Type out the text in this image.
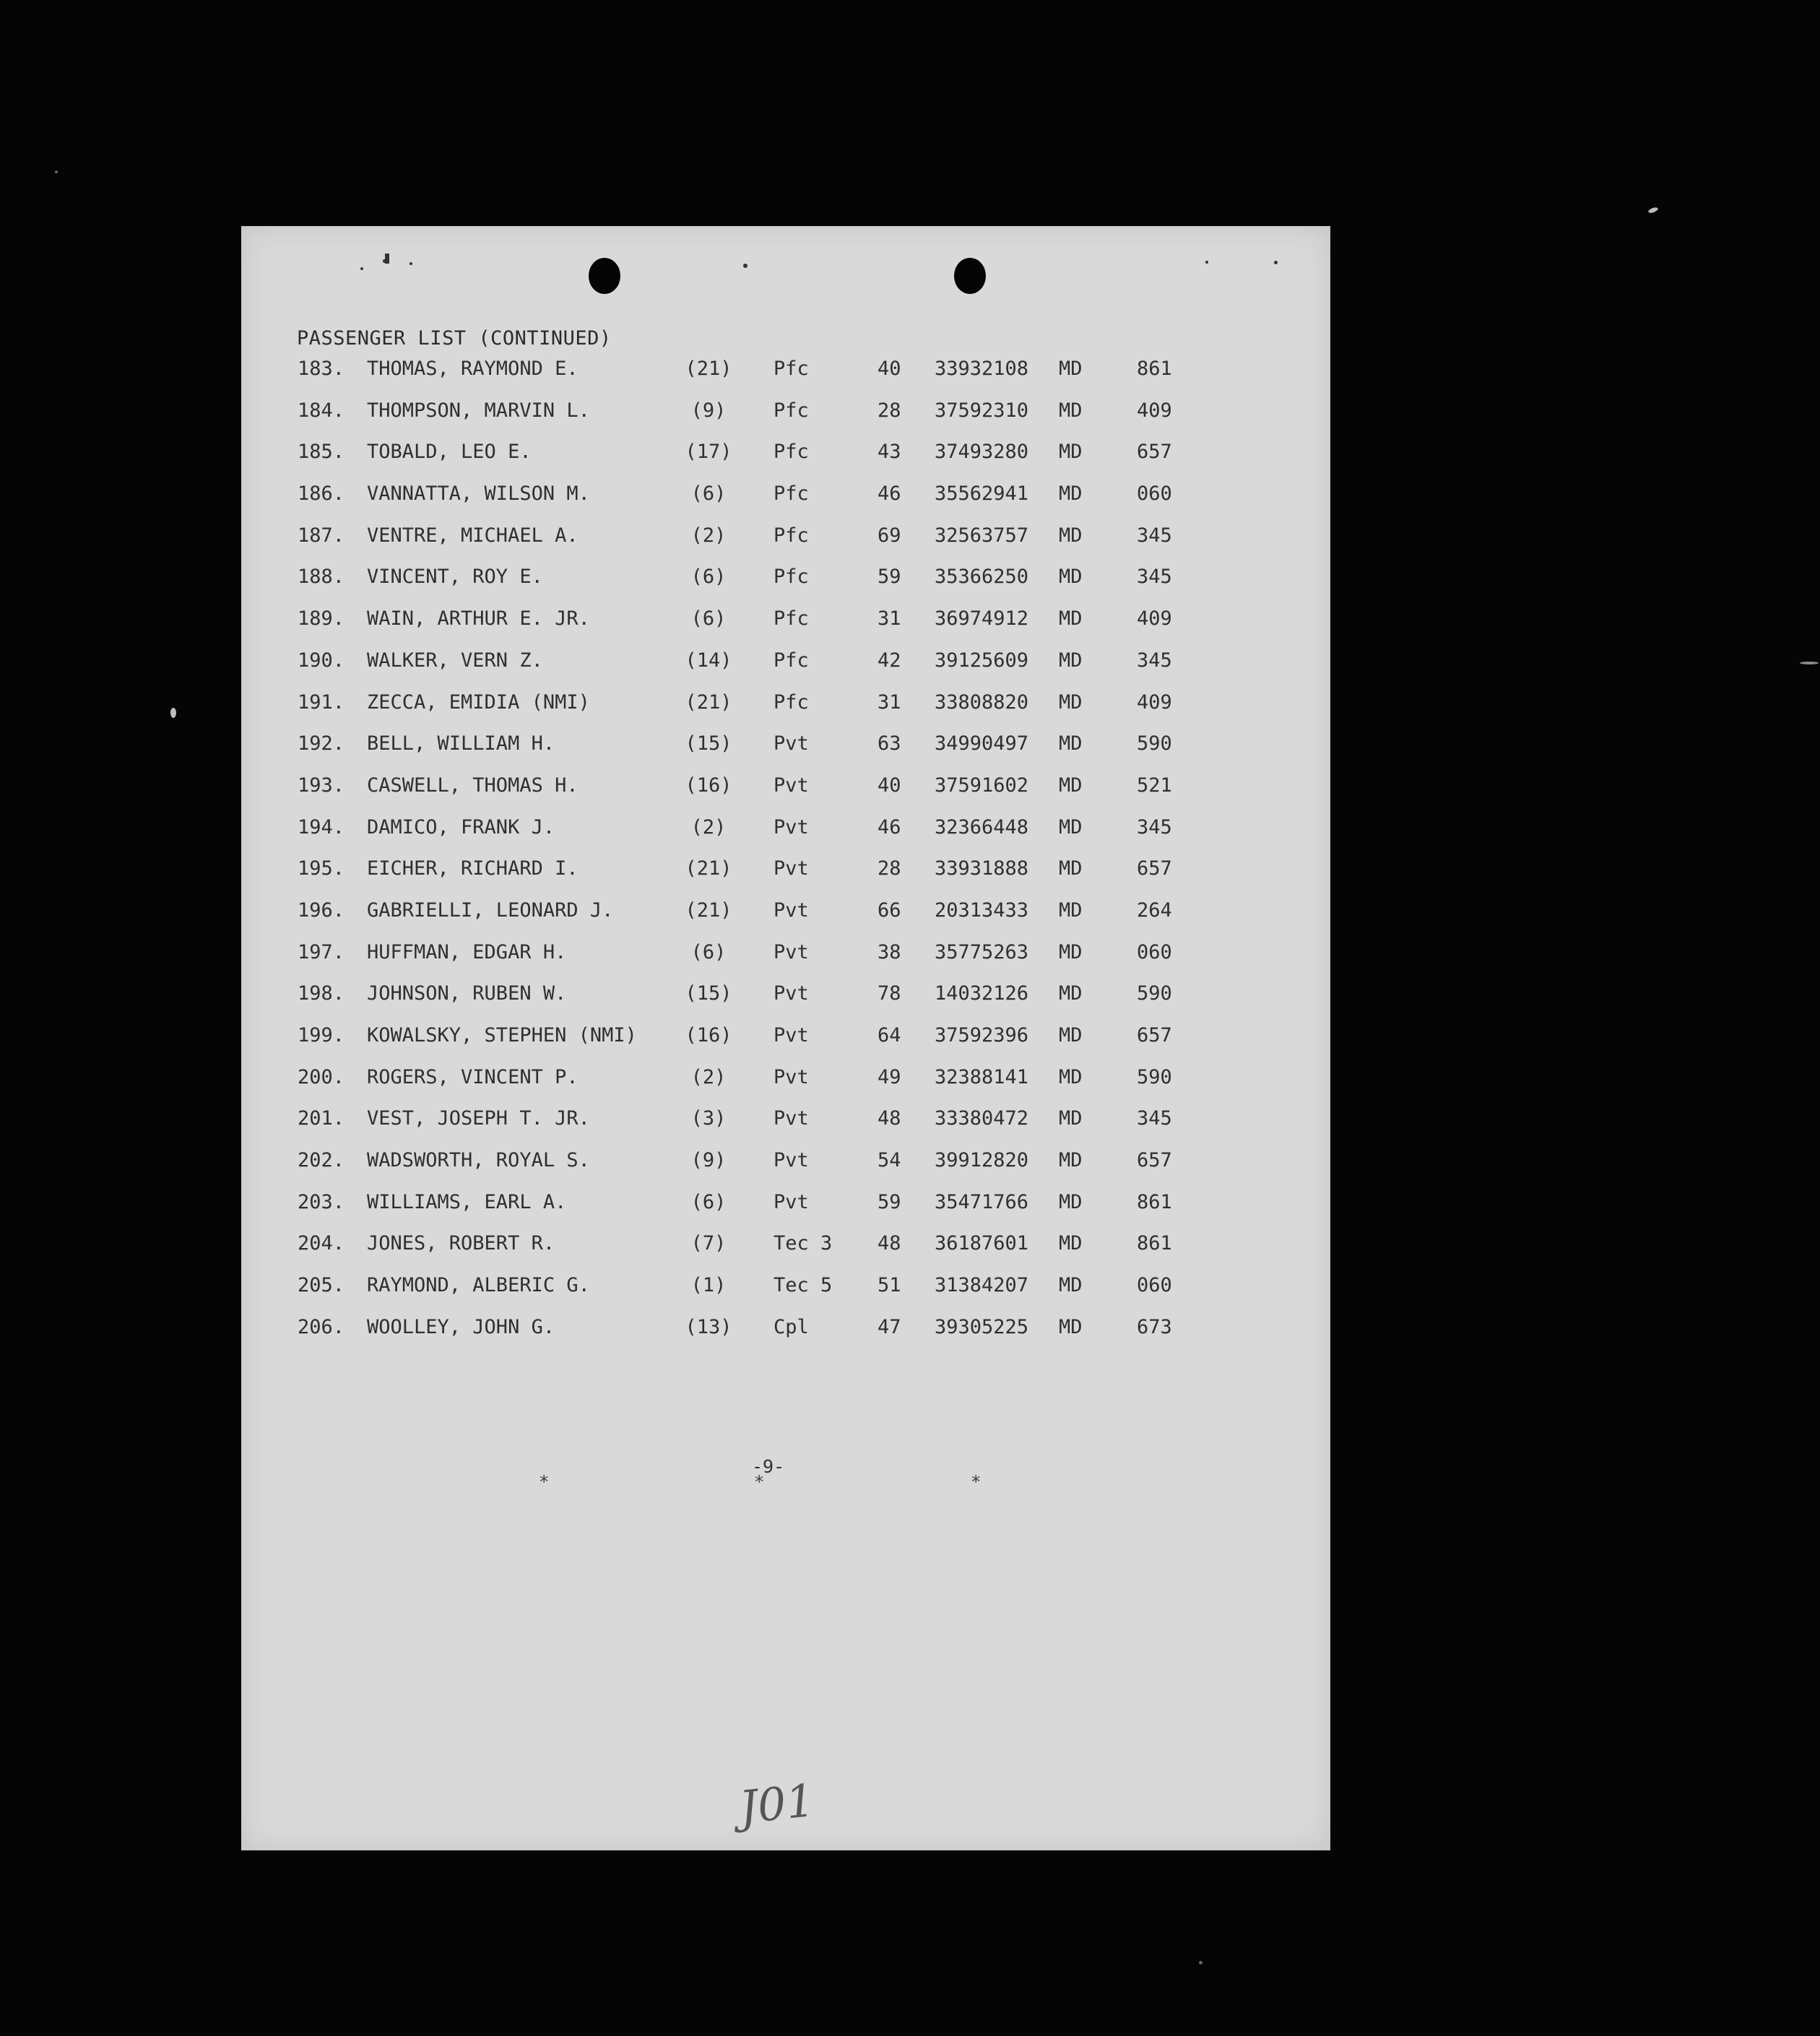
PASSENGER LIST (CONTINUED)
183. THOMAS, RAYMOND E.	(21) Pfc	40 33932108 MD	861
184. THOMPSON, MARVIN L.	(9)	Pfc	28 37592310 MD	409
185. TOBALD, LEO E.	(17) Pfc	43 37493280 MD	657
186. VANNATTA, WILSON M.	(6)	Pfc	46 35562941 MD	060
187. VENTRE, MICHAEL A.	(2)	Pfc	69 32563757 MD	345
188. VINCENT, ROY E.	(6)	Pfc	59 35366250 MD	345
189. WAIN, ARTHUR E. JR.	(6)	Pfc	31 36974912 MD	409
190. WALKER, VERN Z.	(14) Pfc	42 39125609 MD	345
191. ZECCA, EMIDIA (NMI)	(21) Pfc	31 33808820 MD	409
192. BELL, WILLIAM H.	(15) Pvt	63 34990497 MD	590
193. CASWELL, THOMAS H.	(16) Pvt	40 37591602 MD	521
194. DAMICO, FRANK J.	(2)	Pvt	46 32366448 MD	345
195. EICHER, RICHARD I.	(21) Pvt	28 33931888 MD	657
196. GABRIELLI, LEONARD J.	(21) Pvt	66 20313433 MD	264
197. HUFFMAN, EDGAR H.	(6)	Pvt	38 35775263 MD	060
198. JOHNSON, RUBEN W.	(15) Pvt	78 14032126 MD	590
199. KOWALSKY, STEPHEN (NMI) (16) Pvt	64 37592396 MD	657
200. ROGERS, VINCENT P.	(2)	Pvt	49 32388141 MD	590
201. VEST, JOSEPH T. JR.	(3)	Pvt	48 33380472 MD	345
202. WADSWORTH, ROYAL S.	(9)	Pvt	54 39912820 MD	657
203. WILLIAMS, EARL A.	(6)	Pvt	59 35471766 MD	861
204. JONES, ROBERT R.	(7)	Tec 3 48 36187601 MD	861
205. RAYMOND, ALBERIC G.	(1)	Tec 5 51 31384207 MD	060
206. WOOLLEY, JOHN G.	(13) Cpl	47 39305225 MD	673
-9-
*	*	*
J01
527
